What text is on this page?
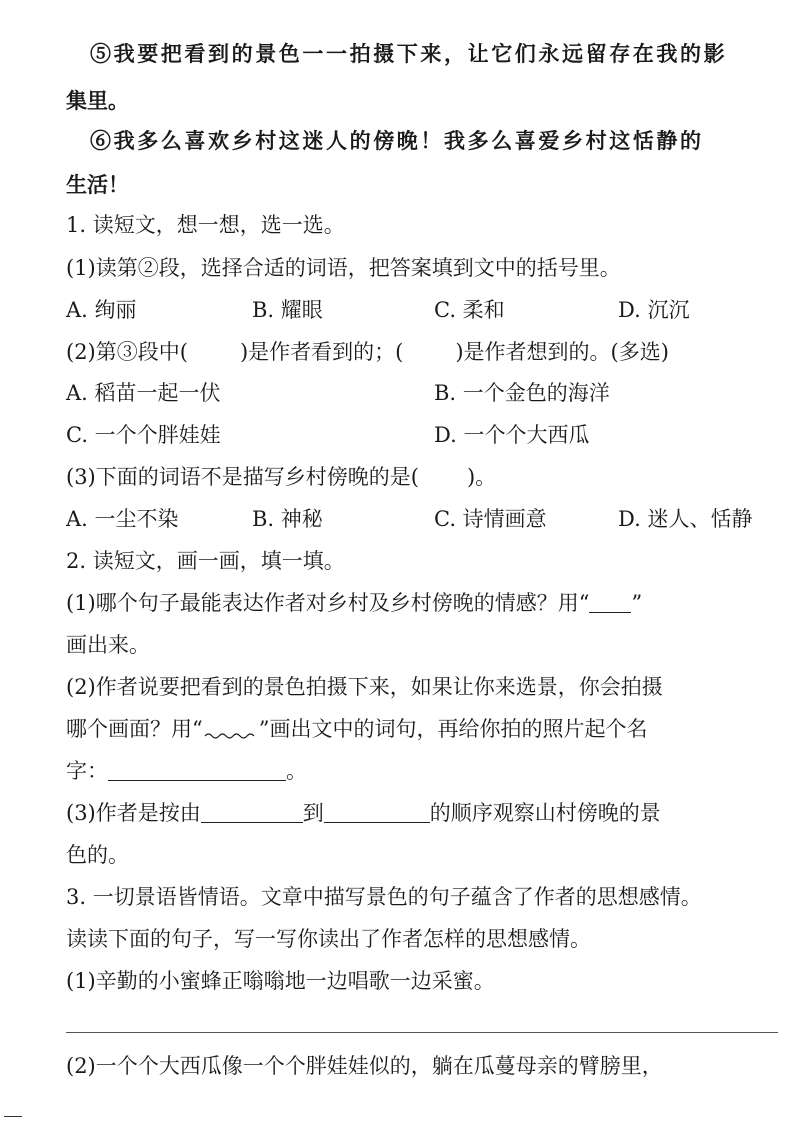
⑤我要把看到的景色一一拍摄下来，让它们永远留存在我的影
集里。
⑥我多么喜欢乡村这迷人的傍晚！我多么喜爱乡村这恬静的
生活！
1. 读短文，想一想，选一选。
(1)读第②段，选择合适的词语，把答案填到文中的括号里。
A. 绚丽	B. 耀眼	C. 柔和	D. 沉沉
(2)第③段中( )是作者看到的；( )是作者想到的。(多选)
A. 稻苗一起一伏	B. 一个金色的海洋
C. 一个个胖娃娃	D. 一个个大西瓜
(3)下面的词语不是描写乡村傍晚的是( )。
A. 一尘不染	B. 神秘	C. 诗情画意	D. 迷人、恬静
2. 读短文，画一画，填一填。
(1)哪个句子最能表达作者对乡村及乡村傍晚的情感？用“ ”
画出来。
(2)作者说要把看到的景色拍摄下来，如果让你来选景，你会拍摄
哪个画面？用“	”画出文中的词句，再给你拍的照片起个名
字：	。
(3)作者是按由	到	的顺序观察山村傍晚的景
色的。
3. 一切景语皆情语。文章中描写景色的句子蕴含了作者的思想感情。
读读下面的句子，写一写你读出了作者怎样的思想感情。
(1)辛勤的小蜜蜂正嗡嗡地一边唱歌一边采蜜。
(2)一个个大西瓜像一个个胖娃娃似的，躺在瓜蔓母亲的臂膀里，
